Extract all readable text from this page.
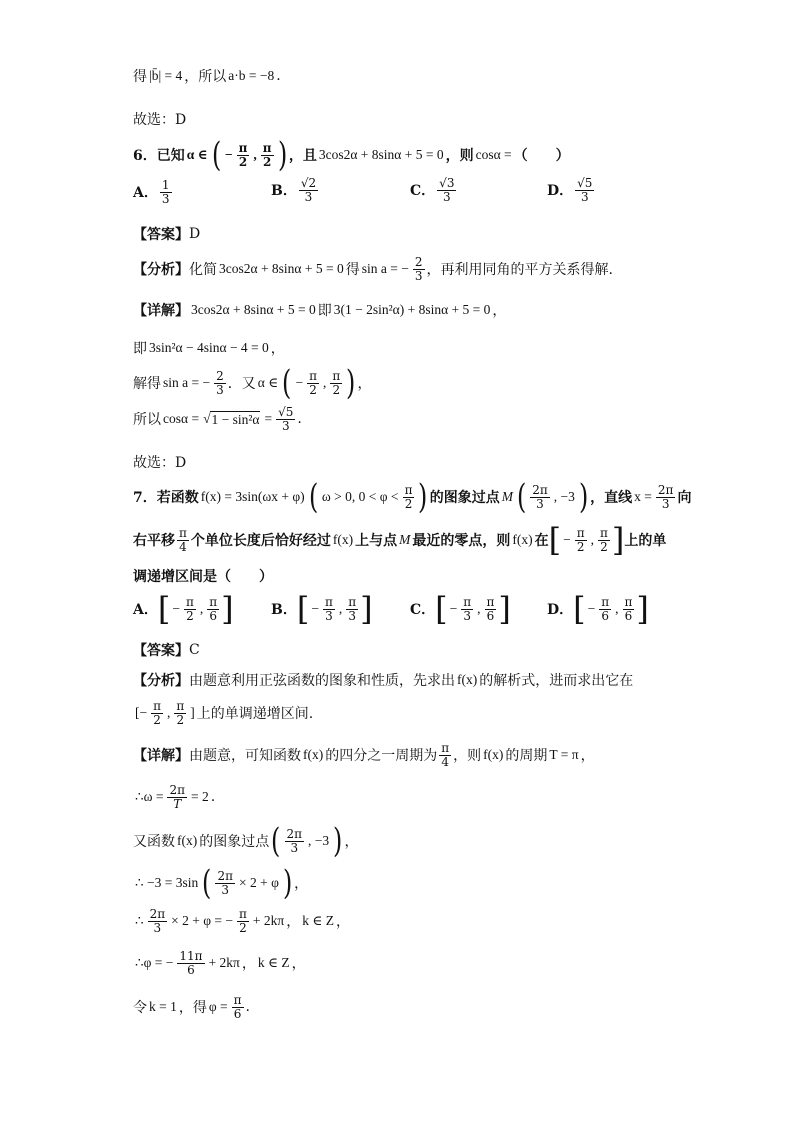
得 |b̄| = 4 ，所以 a·b = −8 .
故选：D
6．已知 α ∈ ( − $\frac{\pi}{2}$ , $\frac{\pi}{2}$ ) ，且 3cos2α + 8sinα + 5 = 0 ，则 cosα = （　　）
A． $\frac{1}{3}$	B． $\frac{√2}{3}$	C． $\frac{√3}{3}$	D． $\frac{√5}{3}$
【答案】 D
【分析】 化简 3cos2α + 8sinα + 5 = 0 得 sin a = − $\frac{2}{3}$ ，再利用同角的平方关系得解.
【详解】 3cos2α + 8sinα + 5 = 0 即 3(1 − 2sin²α) + 8sinα + 5 = 0 ，
即 3sin²α − 4sinα − 4 = 0 ，
解得 sin a = − $\frac{2}{3}$ ．又 α ∈ ( − $\frac{\pi}{2}$ , $\frac{\pi}{2}$ ) ，
所以 cosα = √ $1 - \sin^2\alpha = \frac{√5}{3}$ .
故选：D
7．若函数 f(x) = 3sin(ωx + φ) ( ω > 0, $0 < \varphi < \frac{\pi}{2}$ ) 的图象过点 M ( $\frac{2\pi}{3}$ , −3 ) ，直线 $x = \frac{2\pi}{3}$ 向
右平移 $\frac{\pi}{4}$ 个单位长度后恰好经过 f(x) 上与点 M 最近的零点，则 f(x) 在 [ − $\frac{\pi}{2}$ , $\frac{\pi}{2}$ ] 上的单
调递增区间是（　　）
A． [ − $\frac{\pi}{2}$ , $\frac{\pi}{6}$ ]	B． [ − $\frac{\pi}{3}$ , $\frac{\pi}{3}$ ]	C． [ − $\frac{\pi}{3}$ , $\frac{\pi}{6}$ ]	D． [ − $\frac{\pi}{6}$ , $\frac{\pi}{6}$ ]
【答案】 C
【分析】 由题意利用正弦函数的图象和性质，先求出 f(x) 的解析式，进而求出它在
[− $\frac{\pi}{2}$ , $\frac{\pi}{2}$ ] 上的单调递增区间.
【详解】 由题意，可知函数 f(x) 的四分之一周期为 $\frac{\pi}{4}$ ，则 f(x) 的周期 T = π ，
∴ω = $\frac{2\pi}{T} = 2$ .
又函数 f(x) 的图象过点 ( $\frac{2\pi}{3}$ , −3 ) ，
∴ −3 = 3sin ( $\frac{2\pi}{3} \times 2 + \varphi$ ) ，
∴ $\frac{2\pi}{3} \times 2 + \varphi$ = − $\frac{\pi}{2} + 2k\pi$ ， k ∈ Z ，
∴φ = − $\frac{11\pi}{6} + 2k\pi$ ， k ∈ Z ，
令 k = 1 ，得 $\varphi = \frac{\pi}{6}$ .
